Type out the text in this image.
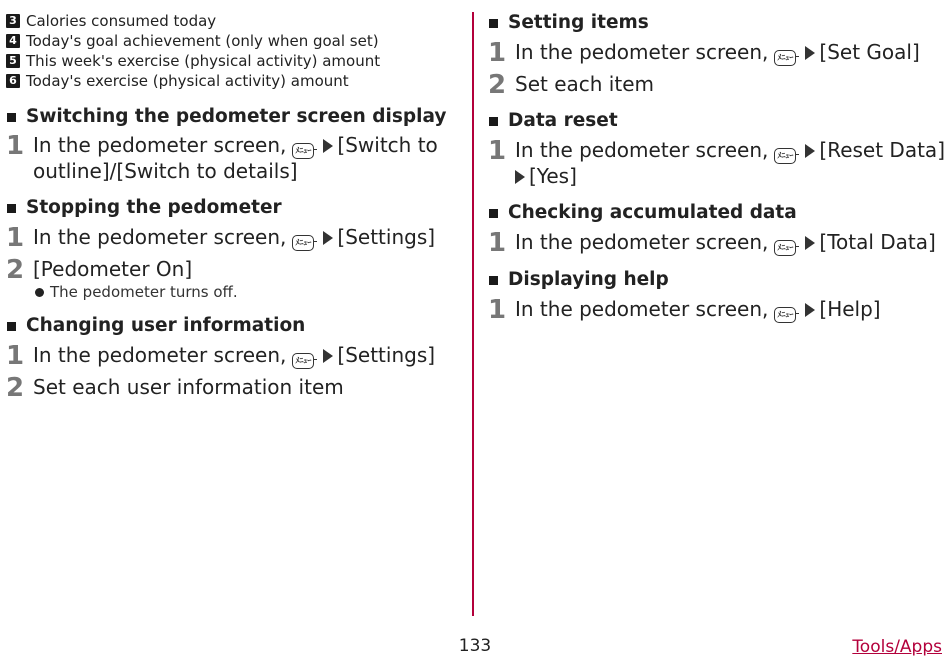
3 Calories consumed today
4 Today's goal achievement (only when goal set)
5 This week's exercise (physical activity) amount
6 Today's exercise (physical activity) amount
Switching the pedometer screen display
1 In the pedometer screen, ﾒﾆｭｰ [Switch to
outline]/[Switch to details]
Stopping the pedometer
1 In the pedometer screen, ﾒﾆｭｰ [Settings]
2 [Pedometer On]
The pedometer turns off.
Changing user information
1 In the pedometer screen, ﾒﾆｭｰ [Settings]
2 Set each user information item
Setting items
1 In the pedometer screen, ﾒﾆｭｰ [Set Goal]
2 Set each item
Data reset
1 In the pedometer screen, ﾒﾆｭｰ [Reset Data]
[Yes]
Checking accumulated data
1 In the pedometer screen, ﾒﾆｭｰ [Total Data]
Displaying help
1 In the pedometer screen, ﾒﾆｭｰ [Help]
133	Tools/Apps
